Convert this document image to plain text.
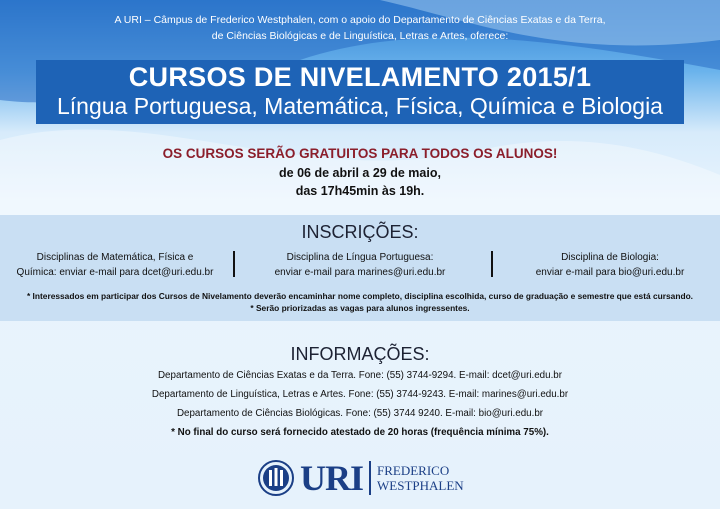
A URI – Câmpus de Frederico Westphalen, com o apoio do Departamento de Ciências Exatas e da Terra,
de Ciências Biológicas e de Linguística, Letras e Artes, oferece:
CURSOS DE NIVELAMENTO 2015/1
Língua Portuguesa, Matemática, Física, Química e Biologia
OS CURSOS SERÃO GRATUITOS PARA TODOS OS ALUNOS!
de 06 de abril a 29 de maio,
das 17h45min às 19h.
INSCRIÇÕES:
Disciplinas de Matemática, Física e
Química: enviar e-mail para dcet@uri.edu.br
Disciplina de Língua Portuguesa:
enviar e-mail para marines@uri.edu.br
Disciplina de Biologia:
enviar e-mail para bio@uri.edu.br
* Interessados em participar dos Cursos de Nivelamento deverão encaminhar nome completo, disciplina escolhida, curso de graduação e semestre que está cursando.
* Serão priorizadas as vagas para alunos ingressentes.
INFORMAÇÕES:
Departamento de Ciências Exatas e da Terra. Fone: (55) 3744-9294. E-mail: dcet@uri.edu.br
Departamento de Linguística, Letras e Artes. Fone: (55) 3744-9243. E-mail: marines@uri.edu.br
Departamento de Ciências Biológicas. Fone: (55) 3744 9240. E-mail: bio@uri.edu.br
* No final do curso será fornecido atestado de 20 horas (frequência mínima 75%).
URI FREDERICO
WESTPHALEN
